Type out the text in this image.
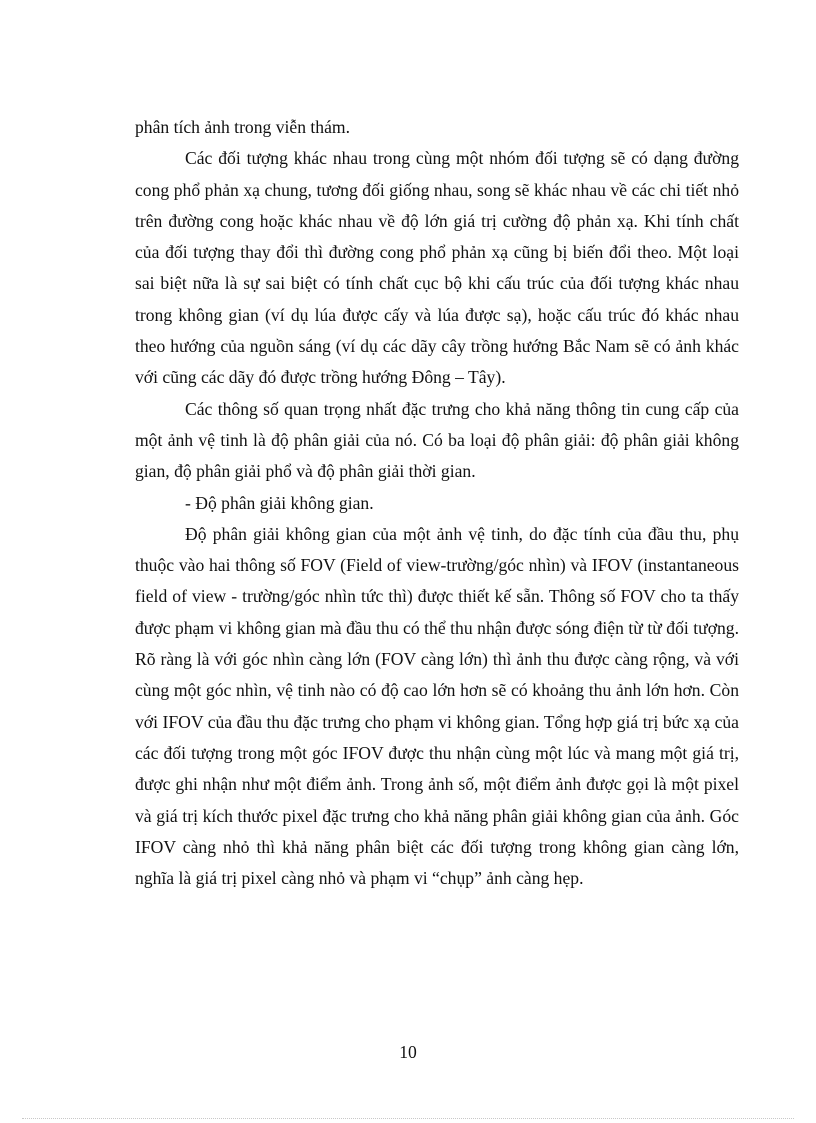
phân tích ảnh trong viễn thám.

Các đối tượng khác nhau trong cùng một nhóm đối tượng sẽ có dạng đường cong phổ phản xạ chung, tương đối giống nhau, song sẽ khác nhau về các chi tiết nhỏ trên đường cong hoặc khác nhau về độ lớn giá trị cường độ phản xạ. Khi tính chất của đối tượng thay đổi thì đường cong phổ phản xạ cũng bị biến đổi theo. Một loại sai biệt nữa là sự sai biệt có tính chất cục bộ khi cấu trúc của đối tượng khác nhau trong không gian (ví dụ lúa được cấy và lúa được sạ), hoặc cấu trúc đó khác nhau theo hướng của nguồn sáng (ví dụ các dãy cây trồng hướng Bắc Nam sẽ có ảnh khác với cũng các dãy đó được trồng hướng Đông – Tây).

Các thông số quan trọng nhất đặc trưng cho khả năng thông tin cung cấp của một ảnh vệ tinh là độ phân giải của nó. Có ba loại độ phân giải: độ phân giải không gian, độ phân giải phổ và độ phân giải thời gian.

- Độ phân giải không gian.

Độ phân giải không gian của một ảnh vệ tinh, do đặc tính của đầu thu, phụ thuộc vào hai thông số FOV (Field of view-trường/góc nhìn) và IFOV (instantaneous field of view - trường/góc nhìn tức thì) được thiết kế sẵn. Thông số FOV cho ta thấy được phạm vi không gian mà đầu thu có thể thu nhận được sóng điện từ từ đối tượng. Rõ ràng là với góc nhìn càng lớn (FOV càng lớn) thì ảnh thu được càng rộng, và với cùng một góc nhìn, vệ tinh nào có độ cao lớn hơn sẽ có khoảng thu ảnh lớn hơn. Còn với IFOV của đầu thu đặc trưng cho phạm vi không gian. Tổng hợp giá trị bức xạ của các đối tượng trong một góc IFOV được thu nhận cùng một lúc và mang một giá trị, được ghi nhận như một điểm ảnh. Trong ảnh số, một điểm ảnh được gọi là một pixel và giá trị kích thước pixel đặc trưng cho khả năng phân giải không gian của ảnh. Góc IFOV càng nhỏ thì khả năng phân biệt các đối tượng trong không gian càng lớn, nghĩa là giá trị pixel càng nhỏ và phạm vi “chụp” ảnh càng hẹp.

10
